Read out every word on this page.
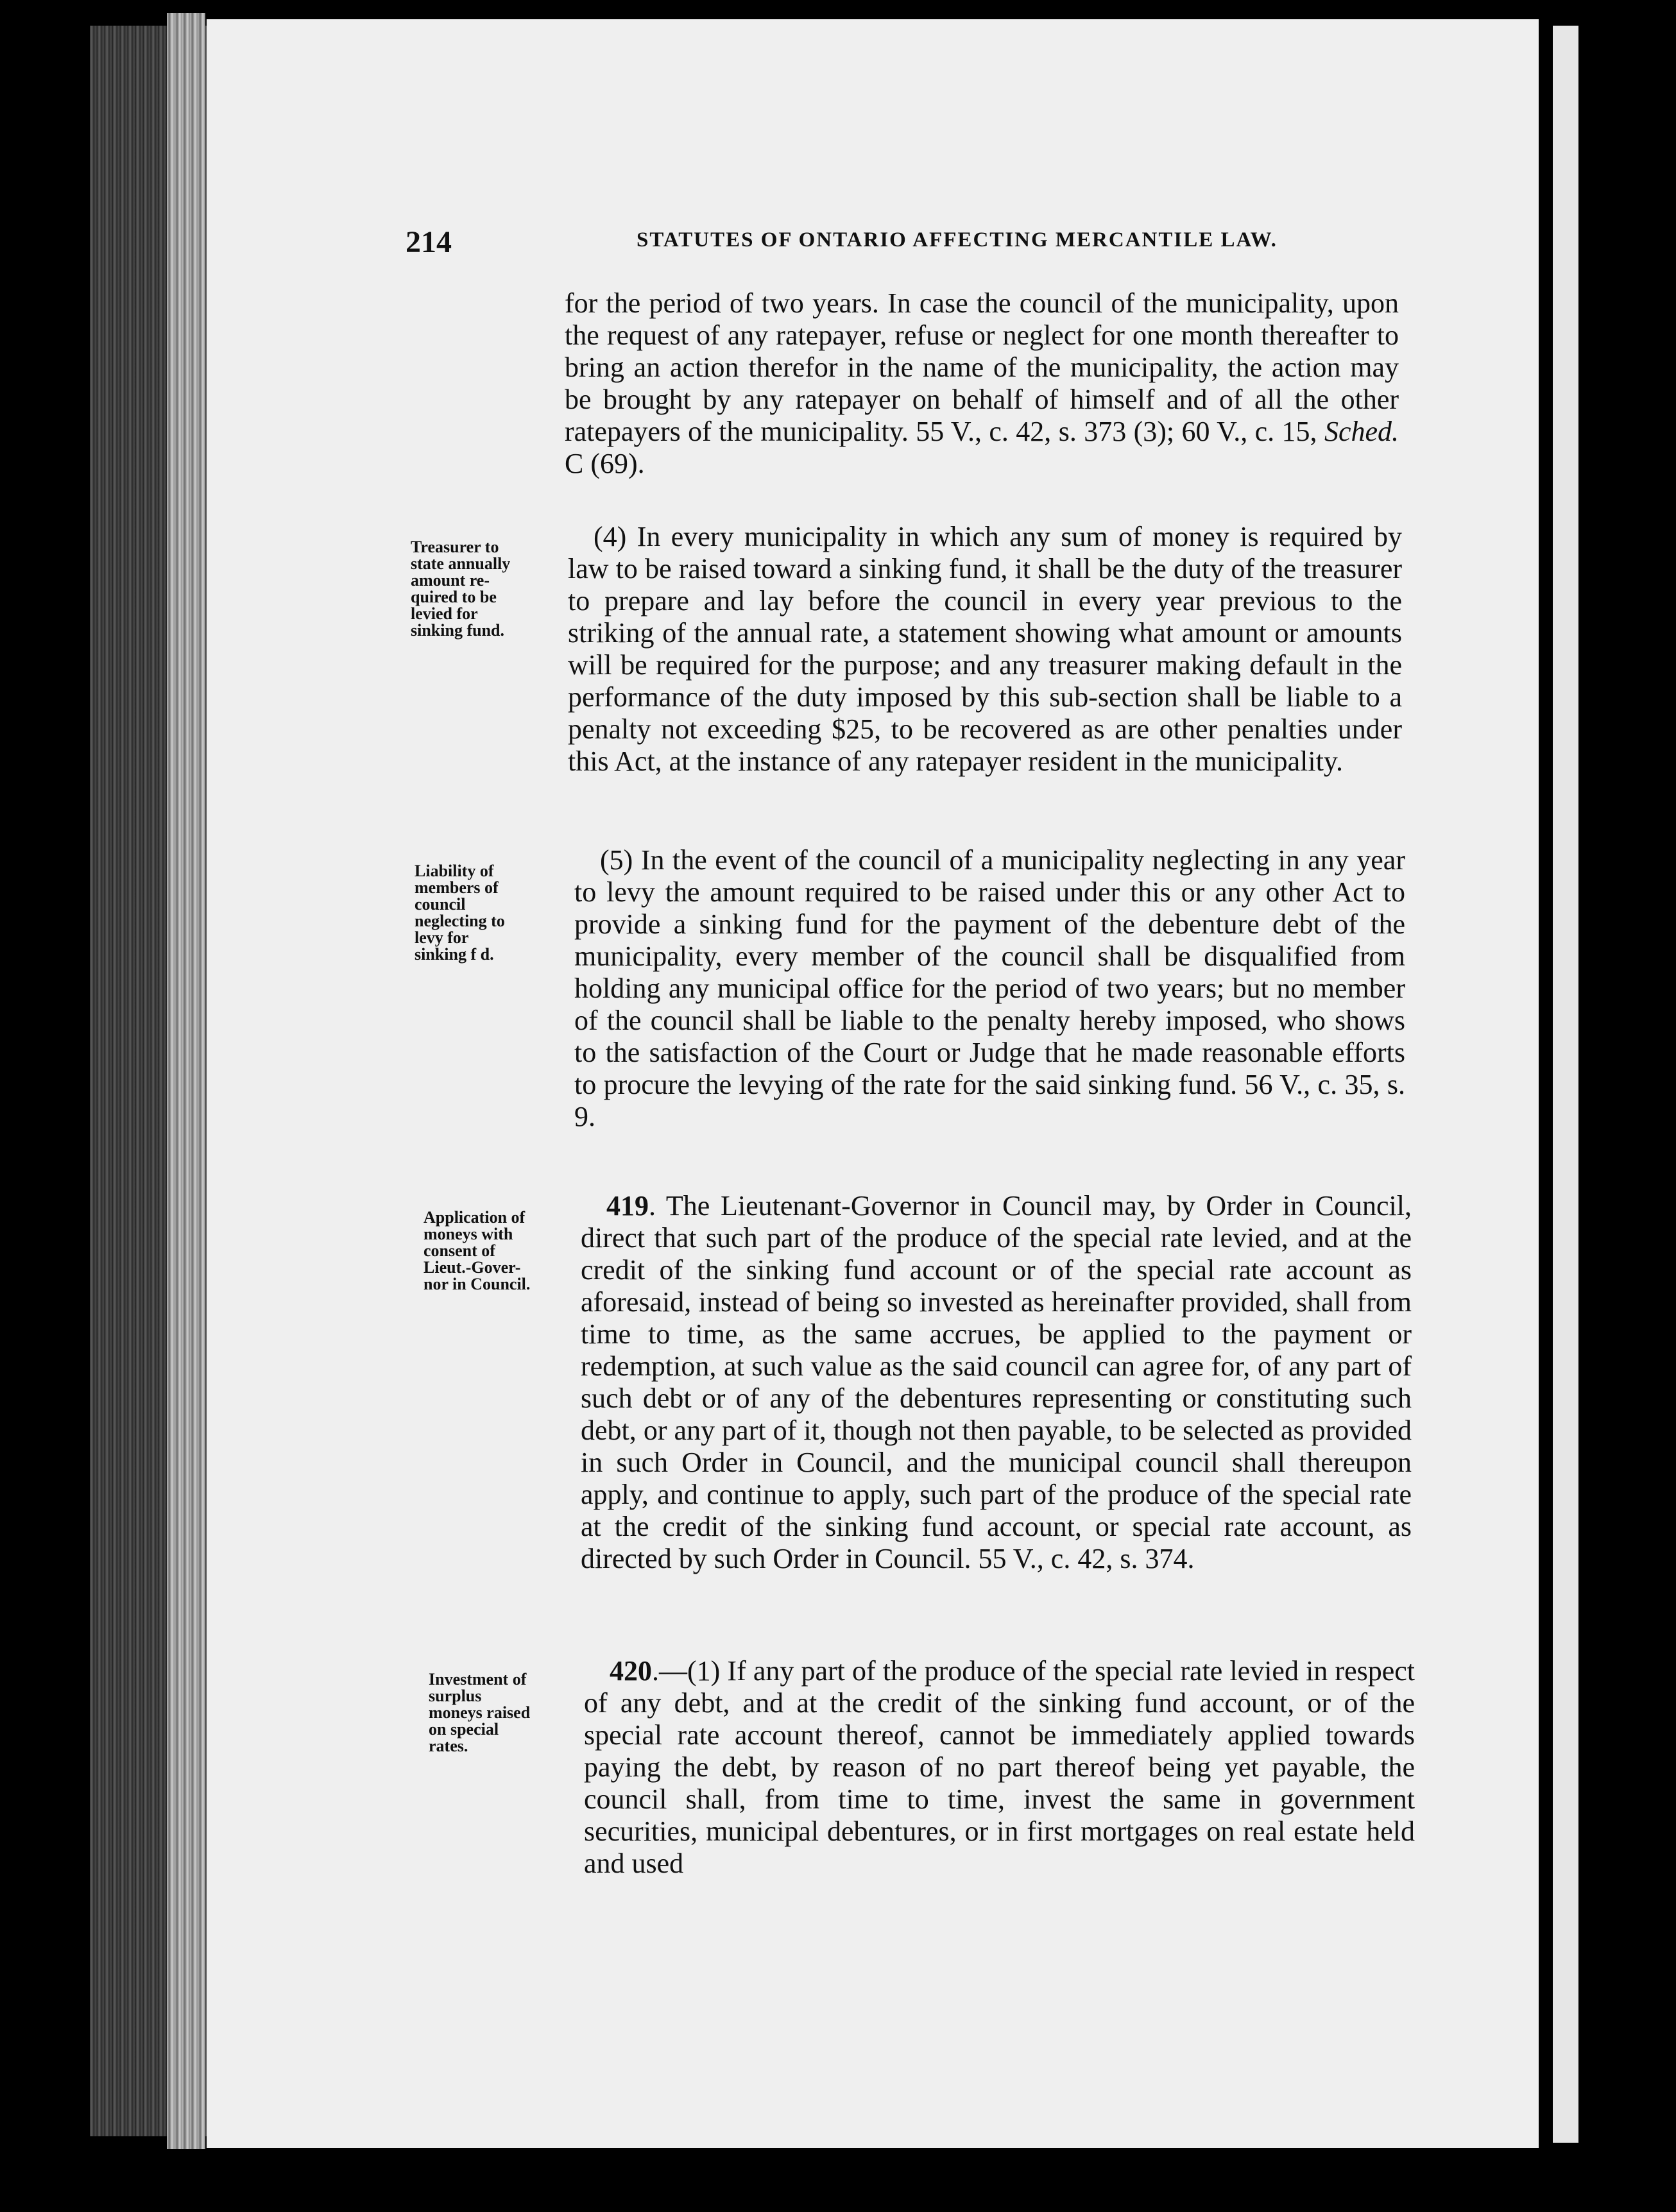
214	STATUTES OF ONTARIO AFFECTING MERCANTILE LAW.

for the period of two years. In case the council of the municipality, upon the request of any ratepayer, refuse or neglect for one month thereafter to bring an action therefor in the name of the municipality, the action may be brought by any ratepayer on behalf of himself and of all the other ratepayers of the municipality. 55 V., c. 42, s. 373 (3); 60 V., c. 15, Sched. C (69).

Treasurer to
state annually
amount re-
quired to be
levied for
sinking fund.

(4) In every municipality in which any sum of money is required by law to be raised toward a sinking fund, it shall be the duty of the treasurer to prepare and lay before the council in every year previous to the striking of the annual rate, a statement showing what amount or amounts will be required for the purpose; and any treasurer making default in the performance of the duty imposed by this sub-section shall be liable to a penalty not exceeding $25, to be recovered as are other penalties under this Act, at the instance of any ratepayer resident in the municipality.

Liability of
members of
council
neglecting to
levy for
sinking f d.

(5) In the event of the council of a municipality neglecting in any year to levy the amount required to be raised under this or any other Act to provide a sinking fund for the payment of the debenture debt of the municipality, every member of the council shall be disqualified from holding any municipal office for the period of two years; but no member of the council shall be liable to the penalty hereby imposed, who shows to the satisfaction of the Court or Judge that he made reasonable efforts to procure the levying of the rate for the said sinking fund. 56 V., c. 35, s. 9.

Application of
moneys with
consent of
Lieut.-Gover-
nor in Council.

419. The Lieutenant-Governor in Council may, by Order in Council, direct that such part of the produce of the special rate levied, and at the credit of the sinking fund account or of the special rate account as aforesaid, instead of being so invested as hereinafter provided, shall from time to time, as the same accrues, be applied to the payment or redemption, at such value as the said council can agree for, of any part of such debt or of any of the debentures representing or constituting such debt, or any part of it, though not then payable, to be selected as provided in such Order in Council, and the municipal council shall thereupon apply, and continue to apply, such part of the produce of the special rate at the credit of the sinking fund account, or special rate account, as directed by such Order in Council. 55 V., c. 42, s. 374.

Investment of
surplus
moneys raised
on special
rates.

420.—(1) If any part of the produce of the special rate levied in respect of any debt, and at the credit of the sinking fund account, or of the special rate account thereof, cannot be immediately applied towards paying the debt, by reason of no part thereof being yet payable, the council shall, from time to time, invest the same in government securities, municipal debentures, or in first mortgages on real estate held and used
